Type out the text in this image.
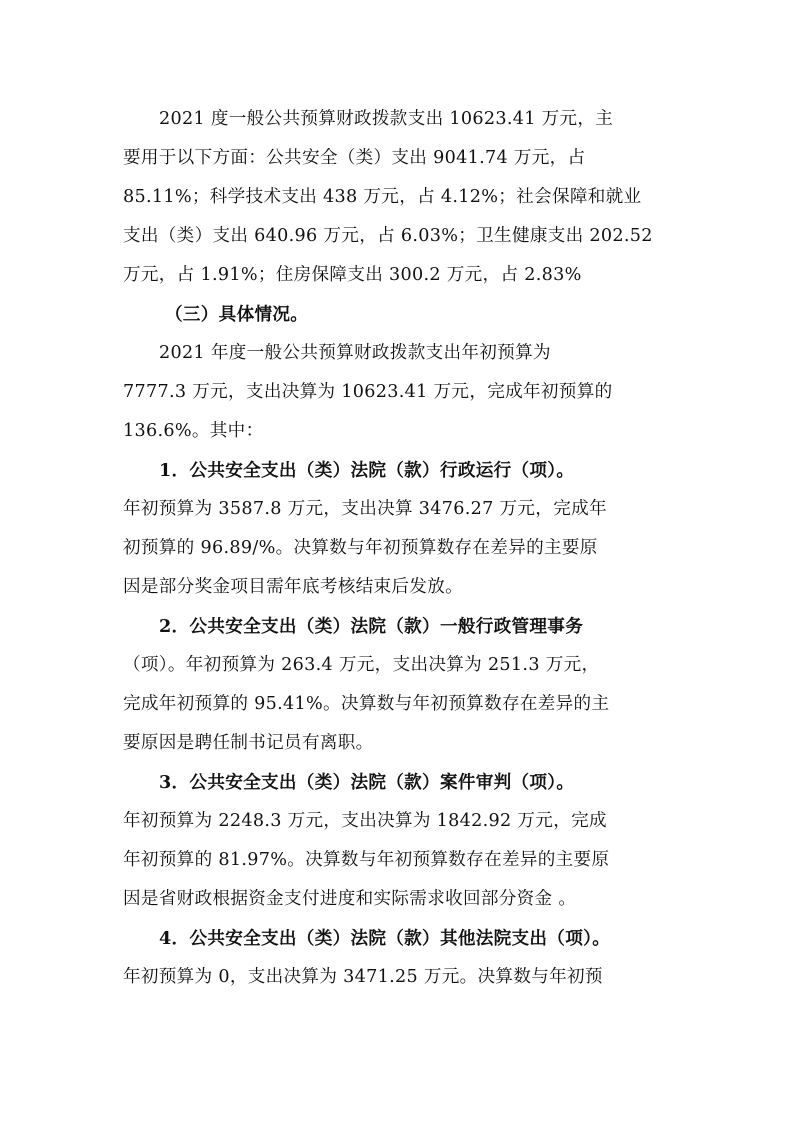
2021 度一般公共预算财政拨款支出 10623.41 万元，主
要用于以下方面：公共安全（类）支出 9041.74 万元，占
85.11%；科学技术支出 438 万元，占 4.12%；社会保障和就业
支出（类）支出 640.96 万元，占 6.03%；卫生健康支出 202.52
万元，占 1.91%；住房保障支出 300.2 万元，占 2.83%
（三）具体情况。
2021 年度一般公共预算财政拨款支出年初预算为
7777.3 万元，支出决算为 10623.41 万元，完成年初预算的
136.6%。其中：
1．公共安全支出（类）法院（款）行政运行（项）。
年初预算为 3587.8 万元，支出决算 3476.27 万元，完成年
初预算的 96.89/%。决算数与年初预算数存在差异的主要原
因是部分奖金项目需年底考核结束后发放。
2．公共安全支出（类）法院（款）一般行政管理事务
（项）。年初预算为 263.4 万元，支出决算为 251.3 万元，
完成年初预算的 95.41%。决算数与年初预算数存在差异的主
要原因是聘任制书记员有离职。
3．公共安全支出（类）法院（款）案件审判（项）。
年初预算为 2248.3 万元，支出决算为 1842.92 万元，完成
年初预算的 81.97%。决算数与年初预算数存在差异的主要原
因是省财政根据资金支付进度和实际需求收回部分资金 。
4．公共安全支出（类）法院（款）其他法院支出（项）。
年初预算为 0，支出决算为 3471.25 万元。决算数与年初预
